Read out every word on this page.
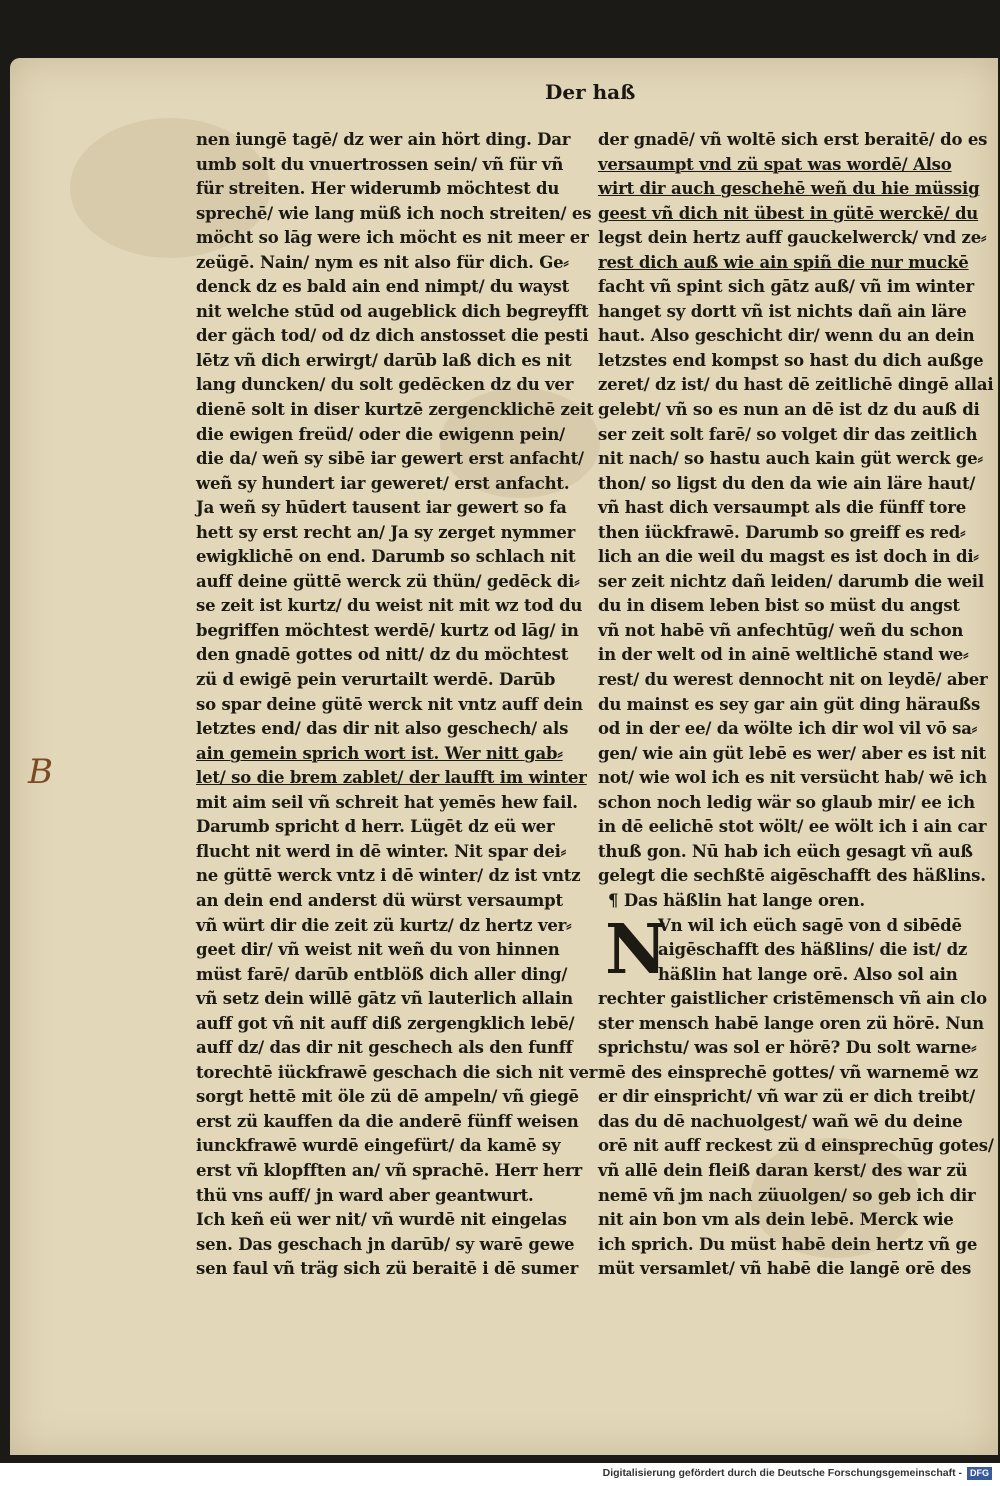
Der haß
B
nen iungē tagē/ dz wer ain hört ding. Dar
umb solt du vnuertrossen sein/ vñ für vñ
für streiten. Her widerumb möchtest du
sprechē/ wie lang müß ich noch streiten/ es
möcht so lāg were ich möcht es nit meer er
zeügē. Nain/ nym es nit also für dich. Ge⸗
denck dz es bald ain end nimpt/ du wayst
nit welche stūd od augeblick dich begreyfft
der gäch tod/ od dz dich anstosset die pesti
lētz vñ dich erwirgt/ darūb laß dich es nit
lang duncken/ du solt gedēcken dz du ver
dienē solt in diser kurtzē zergencklichē zeit
die ewigen freüd/ oder die ewigenn pein/
die da/ weñ sy sibē iar gewert erst anfacht/
weñ sy hundert iar geweret/ erst anfacht.
Ja weñ sy hūdert tausent iar gewert so fa
hett sy erst recht an/ Ja sy zerget nymmer
ewigklichē on end. Darumb so schlach nit
auff deine güttē werck zü thün/ gedēck di⸗
se zeit ist kurtz/ du weist nit mit wz tod du
begriffen möchtest werdē/ kurtz od lāg/ in
den gnadē gottes od nitt/ dz du möchtest
zü d ewigē pein verurtailt werdē. Darūb
so spar deine gütē werck nit vntz auff dein
letztes end/ das dir nit also geschech/ als
ain gemein sprich wort ist. Wer nitt gab⸗
let/ so die brem zablet/ der laufft im winter
mit aim seil vñ schreit hat yemēs hew fail.
Darumb spricht d herr. Lügēt dz eü wer
flucht nit werd in dē winter. Nit spar dei⸗
ne güttē werck vntz i dē winter/ dz ist vntz
an dein end anderst dü würst versaumpt
vñ würt dir die zeit zü kurtz/ dz hertz ver⸗
geet dir/ vñ weist nit weñ du von hinnen
müst farē/ darūb entblöß dich aller ding/
vñ setz dein willē gātz vñ lauterlich allain
auff got vñ nit auff diß zergengklich lebē/
auff dz/ das dir nit geschech als den funff
torechtē iückfrawē geschach die sich nit ver
sorgt hettē mit öle zü dē ampeln/ vñ giegē
erst zü kauffen da die anderē fünff weisen
iunckfrawē wurdē eingefürt/ da kamē sy
erst vñ klopfften an/ vñ sprachē. Herr herr
thü vns auff/ jn ward aber geantwurt.
Ich keñ eü wer nit/ vñ wurdē nit eingelas
sen. Das geschach jn darūb/ sy warē gewe
sen faul vñ träg sich zü beraitē i dē sumer
der gnadē/ vñ woltē sich erst beraitē/ do es
versaumpt vnd zü spat was wordē/ Also
wirt dir auch geschehē weñ du hie müssig
geest vñ dich nit übest in gütē werckē/ du
legst dein hertz auff gauckelwerck/ vnd ze⸗
rest dich auß wie ain spiñ die nur muckē
facht vñ spint sich gātz auß/ vñ im winter
hanget sy dortt vñ ist nichts dañ ain läre
haut. Also geschicht dir/ wenn du an dein
letzstes end kompst so hast du dich außge
zeret/ dz ist/ du hast dē zeitlichē dingē allai
gelebt/ vñ so es nun an dē ist dz du auß di
ser zeit solt farē/ so volget dir das zeitlich
nit nach/ so hastu auch kain güt werck ge⸗
thon/ so ligst du den da wie ain läre haut/
vñ hast dich versaumpt als die fünff tore
then iückfrawē. Darumb so greiff es red⸗
lich an die weil du magst es ist doch in di⸗
ser zeit nichtz dañ leiden/ darumb die weil
du in disem leben bist so müst du angst
vñ not habē vñ anfechtūg/ weñ du schon
in der welt od in ainē weltlichē stand we⸗
rest/ du werest dennocht nit on leydē/ aber
du mainst es sey gar ain güt ding häraußs
od in der ee/ da wölte ich dir wol vil vō sa⸗
gen/ wie ain güt lebē es wer/ aber es ist nit
not/ wie wol ich es nit versücht hab/ wē ich
schon noch ledig wär so glaub mir/ ee ich
in dē eelichē stot wölt/ ee wölt ich i ain car
thuß gon. Nū hab ich eüch gesagt vñ auß
gelegt die sechßtē aigēschafft des häßlins.
¶ Das häßlin hat lange oren.
Vn wil ich eüch sagē von d sibēdē
aigēschafft des häßlins/ die ist/ dz
häßlin hat lange orē. Also sol ain
rechter gaistlicher cristēmensch vñ ain clo
ster mensch habē lange oren zü hörē. Nun
sprichstu/ was sol er hörē? Du solt warne⸗
mē des einsprechē gottes/ vñ warnemē wz
er dir einspricht/ vñ war zü er dich treibt/
das du dē nachuolgest/ wañ wē du deine
orē nit auff reckest zü d einsprechūg gotes/
vñ allē dein fleiß daran kerst/ des war zü
nemē vñ jm nach züuolgen/ so geb ich dir
nit ain bon vm als dein lebē. Merck wie
ich sprich. Du müst habē dein hertz vñ ge
müt versamlet/ vñ habē die langē orē des
N
Digitalisierung gefördert durch die Deutsche Forschungsgemeinschaft - DFG
